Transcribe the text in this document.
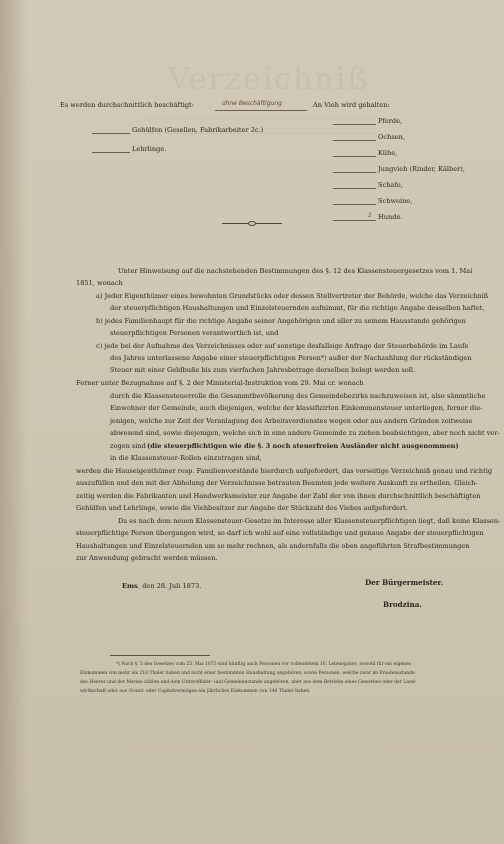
Verzeichniß
Es werden durchschnittlich beschäftigt:	ohne Beschäftigung	An Vieh wird gehalten:
Gehülfen (Gesellen, Fabrikarbeiter 2c.)
Lehrlinge.
Pferde,
Ochsen,
Kühe,
Jungvieh (Rinder, Kälber),
Schafe,
Schweine,
1 Hunde.
Unter Hinweisung auf die nachstehenden Bestimmungen des §. 12 des Klassensteuergesetzes vom 1. Mai
1851, wonach
a) Jeder Eigenthümer eines bewohnten Grundstücks oder dessen Stellvertreter der Behörde, welche das Verzeichniß
der steuerpflichtigen Haushaltungen und Einzelsteuernden aufnimmt, für die richtige Angabe desselben haftet,
b) jedes Familienhaupt für die richtige Angabe seiner Angehörigen und aller zu seinem Hausstande gehörigen
steuerpflichtigen Personen verantwortlich ist, und
c) jede bei der Aufnahme des Verzeichnisses oder auf sonstige desfallsige Anfrage der Steuerbehörde im Laufe
des Jahres unterlassene Angabe einer steuerpflichtigen Person*) außer der Nachzahlung der rückständigen
Steuer mit einer Geldbuße bis zum vierfachen Jahresbetrage derselben belegt werden soll.
Ferner unter Bezugnahme auf §. 2 der Ministerial-Instruktion vom 29. Mai cr. wonach
durch die Klassensteuerrolle die Gesammtbevölkerung des Gemeindebezirks nachzuweisen ist, also sämmtliche
Einwohner der Gemeinde, auch diejenigen, welche der klassifizirten Einkommensteuer unterliegen, ferner die-
jenigen, welche zur Zeit der Veranlagung des Arbeitsverdienstes wegen oder aus andern Gründen zeitweise
abwesend sind, sowie diejenigen, welche sich in eine andere Gemeinde zu ziehen beabsichtigen, aber noch nicht ver-
zogen sind (die steuerpflichtigen wie die §. 3 noch steuerfreien Ausländer nicht ausgenommen)
in die Klassensteuer-Rollen einzutragen sind,
werden die Hauseigenthümer resp. Familienvorstände hierdurch aufgefordert, das vorseitige Verzeichniß genau und richtig
auszufüllen und den mit der Abholung der Verzeichnisse betrauten Beamten jede weitere Auskunft zu ertheilen. Gleich-
zeitig werden die Fabrikanten und Handwerksmeister zur Angabe der Zahl der von ihnen durchschnittlich beschäftigten
Gehülfen und Lehrlinge, sowie die Viehbesitzer zur Angabe der Stückzahl des Viehes aufgefordert.
Da es nach dem neuen Klassensteuer-Gesetze im Interesse aller Klassensteuerpflichtigen liegt, daß keine Klassen-
steuerpflichtige Person übergangen wird, so darf ich wohl auf eine vollständige und genaue Angabe der steuerpflichtigen
Haushaltungen und Einzelsteuernden um so mehr rechnen, als andernfalls die oben angeführten Strafbestimmungen
zur Anwendung gebracht werden müssen.
Ems , den 28. Juli 1873.	Der Bürgermeister.
Brodzina.
*) Nach §. 5 des Gesetzes vom 25. Mai 1873 sind künftig auch Personen vor vollendetem 16. Lebensjahre, sowohl für ein eigenes
Einkommen von mehr als 210 Thaler haben und nicht einer bestimmten Haushaltung angehören, sowie Personen, welche zwar im Friedensstande
des Heeres und der Marine zählen und dem Unteroffizier- und Gemeinenstande angehören, aber aus dem Betriebe eines Gewerbes oder der Land-
wirthschaft oder aus Grund- oder Capitalvermögen ein jährliches Einkommen von 140 Thaler haben.
